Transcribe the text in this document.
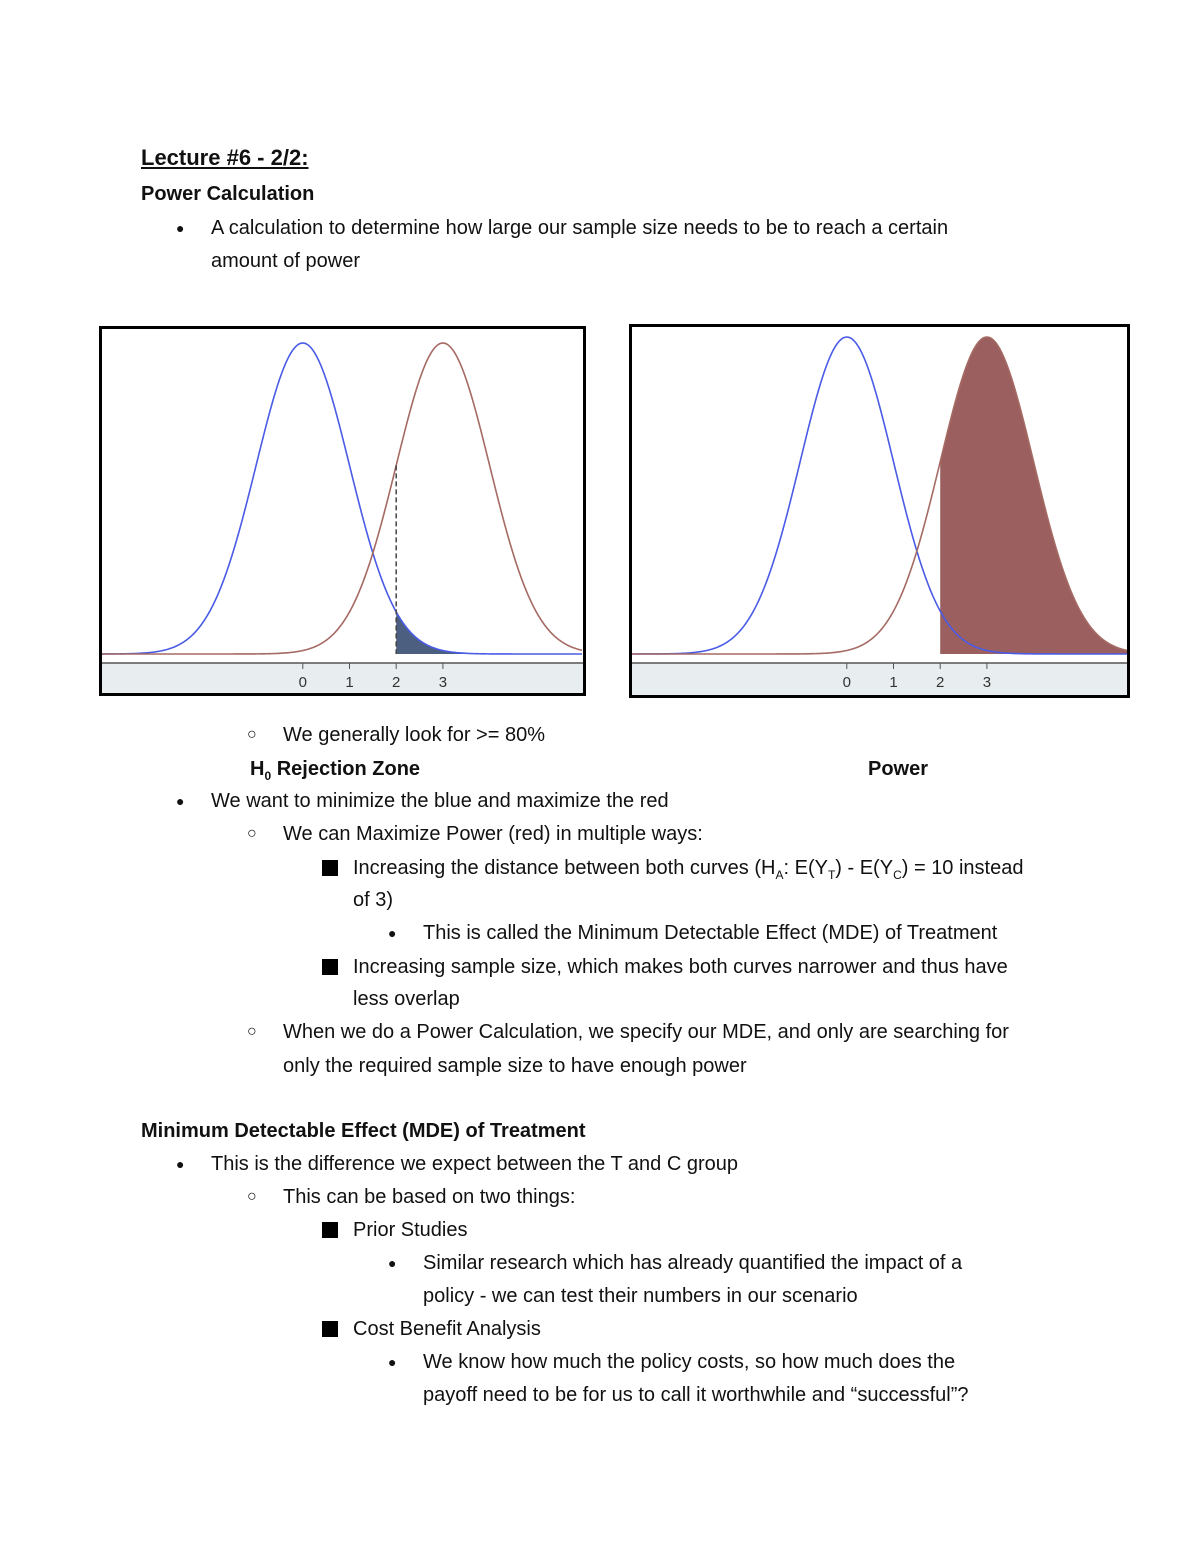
Lecture #6 - 2/2:
Power Calculation
● A calculation to determine how large our sample size needs to be to reach a certain
amount of power
0	1	2	3	0	1	2	3
○ We generally look for >= 80%
$H_0$ Rejection Zone	Power
● We want to minimize the blue and maximize the red
○ We can Maximize Power (red) in multiple ways:
Increasing the distance between both curves ($H_A$: $E(Y_T) - E(Y_C) = 10$ instead
of 3)
● This is called the Minimum Detectable Effect (MDE) of Treatment
Increasing sample size, which makes both curves narrower and thus have
less overlap
○ When we do a Power Calculation, we specify our MDE, and only are searching for
only the required sample size to have enough power
Minimum Detectable Effect (MDE) of Treatment
● This is the difference we expect between the T and C group
○ This can be based on two things:
Prior Studies
● Similar research which has already quantified the impact of a
policy - we can test their numbers in our scenario
Cost Benefit Analysis
● We know how much the policy costs, so how much does the
payoff need to be for us to call it worthwhile and “successful”?
